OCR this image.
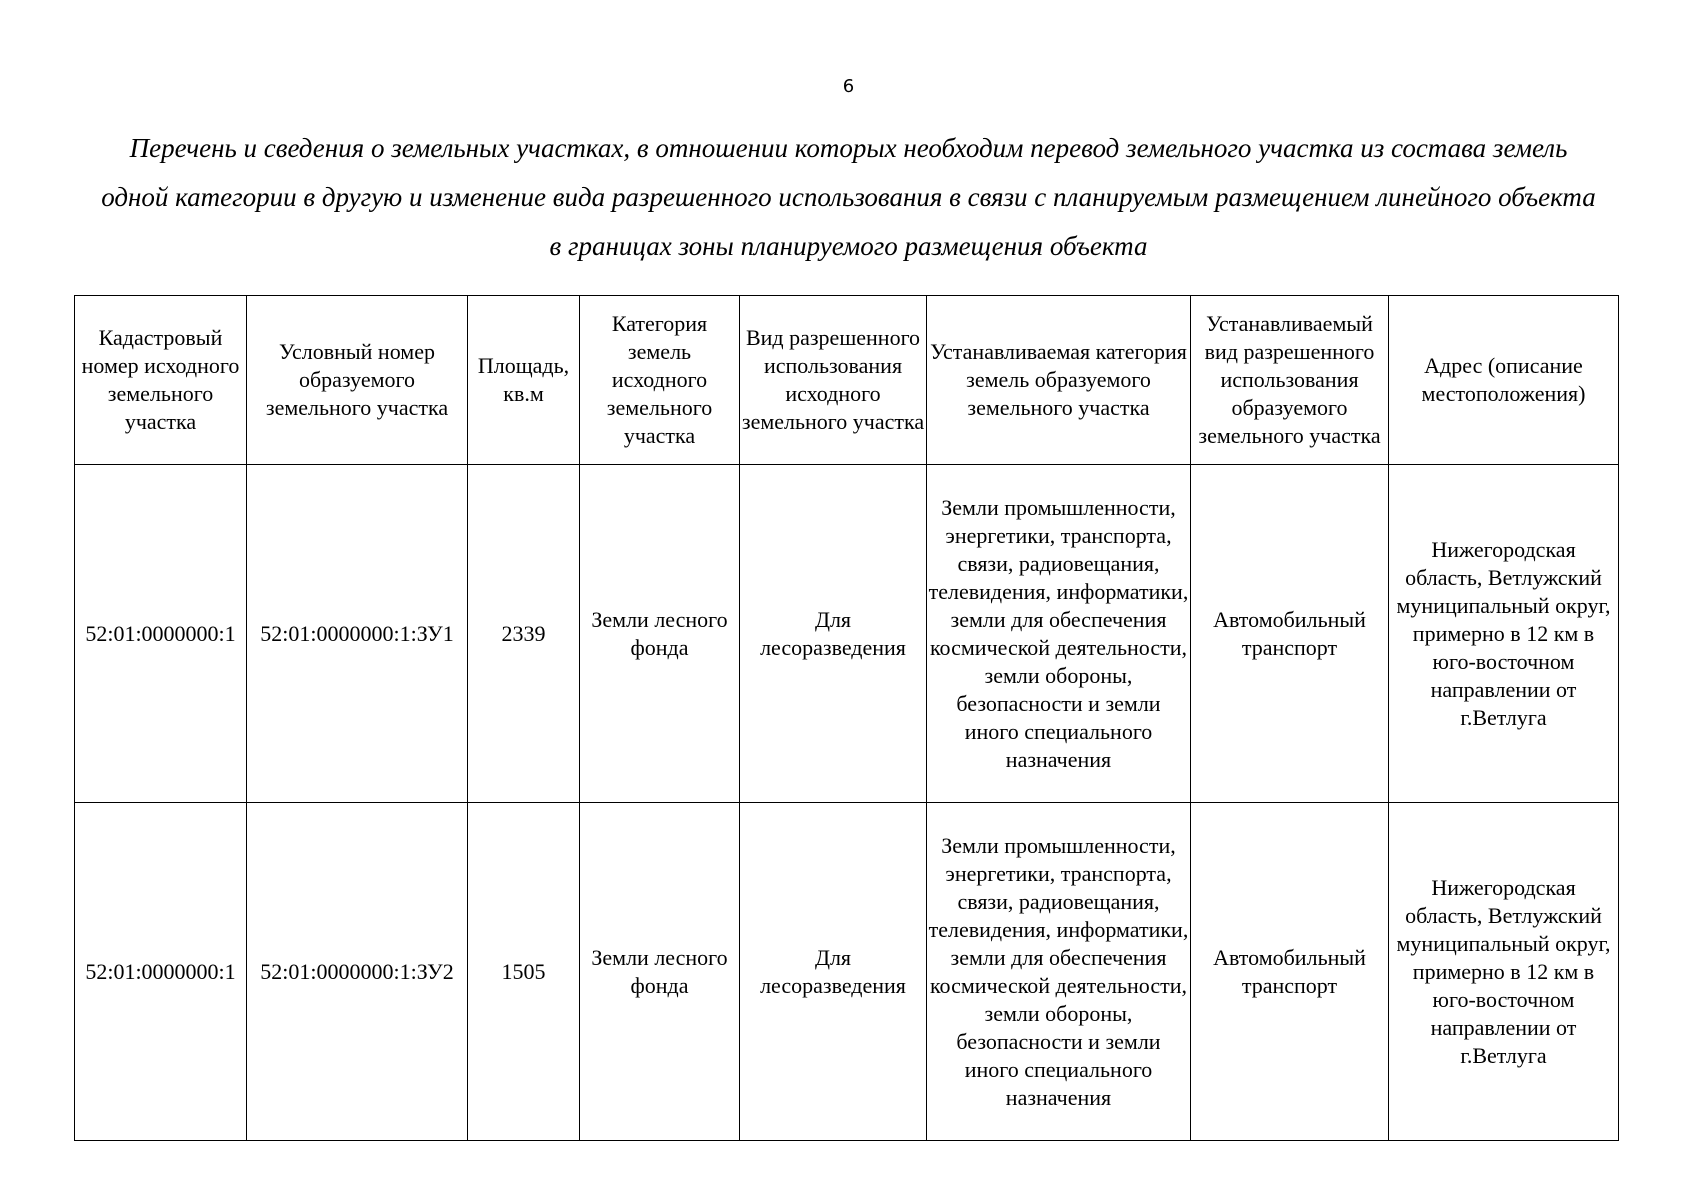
6
Перечень и сведения о земельных участках, в отношении которых необходим перевод земельного участка из состава земель
одной категории в другую и изменение вида разрешенного использования в связи с планируемым размещением линейного объекта
в границах зоны планируемого размещения объекта
Кадастровый номер исходного земельного участка	Условный номер образуемого земельного участка	Площадь, кв.м	Категория земель исходного земельного участка	Вид разрешенного использования исходного земельного участка	Устанавливаемая категория земель образуемого земельного участка	Устанавливаемый вид разрешенного использования образуемого земельного участка	Адрес (описание местоположения)
52:01:0000000:1	52:01:0000000:1:ЗУ1	2339	Земли лесного фонда	Для лесоразведения	Земли промышленности, энергетики, транспорта, связи, радиовещания, телевидения, информатики, земли для обеспечения космической деятельности, земли обороны, безопасности и земли иного специального назначения	Автомобильный транспорт	Нижегородская область, Ветлужский муниципальный округ, примерно в 12 км в юго-восточном направлении от г.Ветлуга
52:01:0000000:1	52:01:0000000:1:ЗУ2	1505	Земли лесного фонда	Для лесоразведения	Земли промышленности, энергетики, транспорта, связи, радиовещания, телевидения, информатики, земли для обеспечения космической деятельности, земли обороны, безопасности и земли иного специального назначения	Автомобильный транспорт	Нижегородская область, Ветлужский муниципальный округ, примерно в 12 км в юго-восточном направлении от г.Ветлуга
